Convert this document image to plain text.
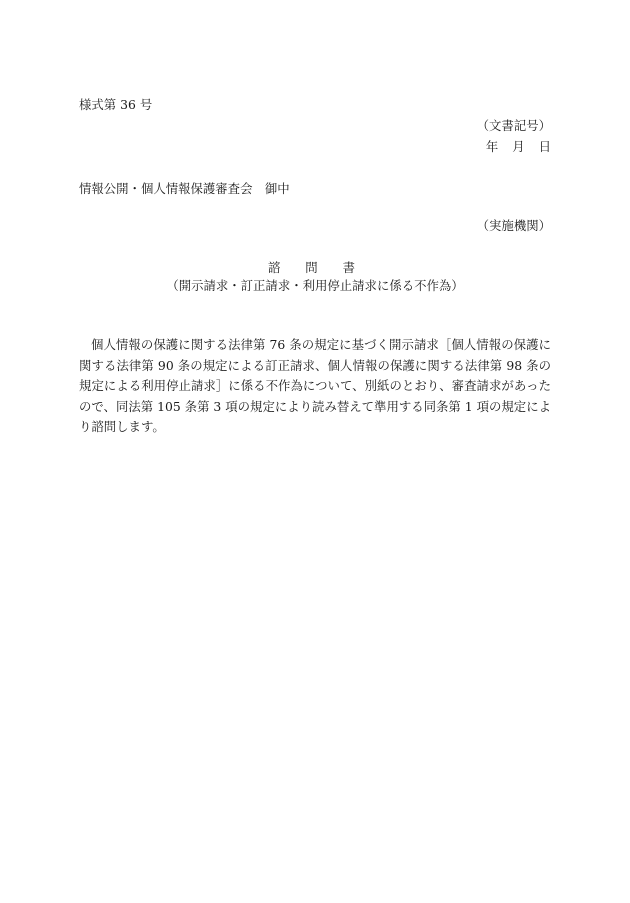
様式第 36 号
（文書記号）
年 月 日
情報公開・個人情報保護審査会　御中
（実施機関）
諮問書
（開示請求・訂正請求・利用停止請求に係る不作為）
個人情報の保護に関する法律第 76 条の規定に基づく開示請求［個人情報の保護に関する法律第 90 条の規定による訂正請求、個人情報の保護に関する法律第 98 条の規定による利用停止請求］に係る不作為について、別紙のとおり、審査請求があったので、同法第 105 条第 3 項の規定により読み替えて準用する同条第 1 項の規定により諮問します。
